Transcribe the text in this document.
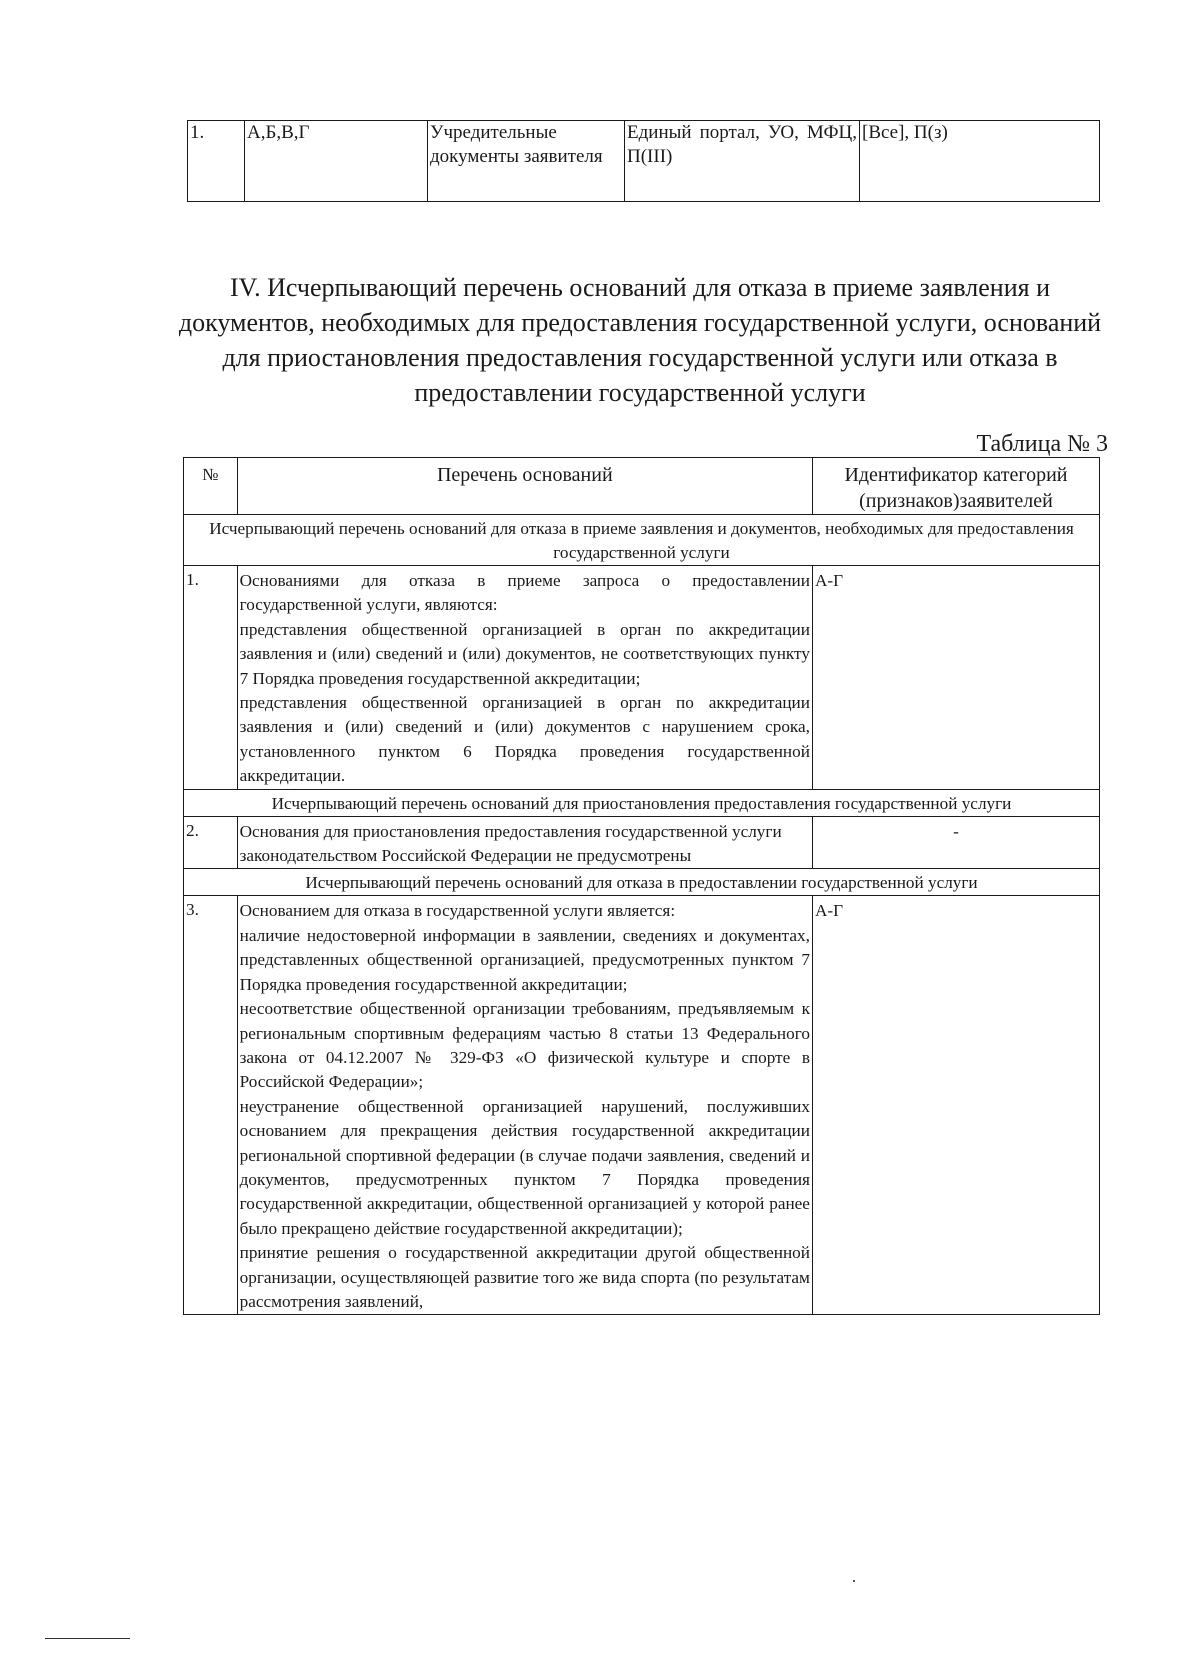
1.	А,Б,В,Г	Учредительные документы заявителя	Единый портал, УО, МФЦ, П(III)	[Все], П(з)
IV. Исчерпывающий перечень оснований для отказа в приеме заявления и документов, необходимых для предоставления государственной услуги, оснований для приостановления предоставления государственной услуги или отказа в предоставлении государственной услуги
Таблица № 3
№	Перечень оснований	Идентификатор категорий (признаков)заявителей
Исчерпывающий перечень оснований для отказа в приеме заявления и документов, необходимых для предоставления государственной услуги		
1.	Основаниями для отказа в приеме запроса о предоставлении государственной услуги, являются:
представления общественной организацией в орган по аккредитации заявления и (или) сведений и (или) документов, не соответствующих пункту 7 Порядка проведения государственной аккредитации;
представления общественной организацией в орган по аккредитации заявления и (или) сведений и (или) документов с нарушением срока, установленного пунктом 6 Порядка проведения государственной аккредитации.	А-Г
Исчерпывающий перечень оснований для приостановления предоставления государственной услуги		
2.	Основания для приостановления предоставления государственной услуги законодательством Российской Федерации не предусмотрены	-
Исчерпывающий перечень оснований для отказа в предоставлении государственной услуги		
3.	Основанием для отказа в государственной услуги является:
наличие недостоверной информации в заявлении, сведениях и документах, представленных общественной организацией, предусмотренных пунктом 7 Порядка проведения государственной аккредитации;
несоответствие общественной организации требованиям, предъявляемым к региональным спортивным федерациям частью 8 статьи 13 Федерального закона от 04.12.2007 № 329-ФЗ «О физической культуре и спорте в Российской Федерации»;
неустранение общественной организацией нарушений, послуживших основанием для прекращения действия государственной аккредитации региональной спортивной федерации (в случае подачи заявления, сведений и документов, предусмотренных пунктом 7 Порядка проведения государственной аккредитации, общественной организацией у которой ранее было прекращено действие государственной аккредитации);
принятие решения о государственной аккредитации другой общественной организации, осуществляющей развитие того же вида спорта (по результатам рассмотрения заявлений,	А-Г
